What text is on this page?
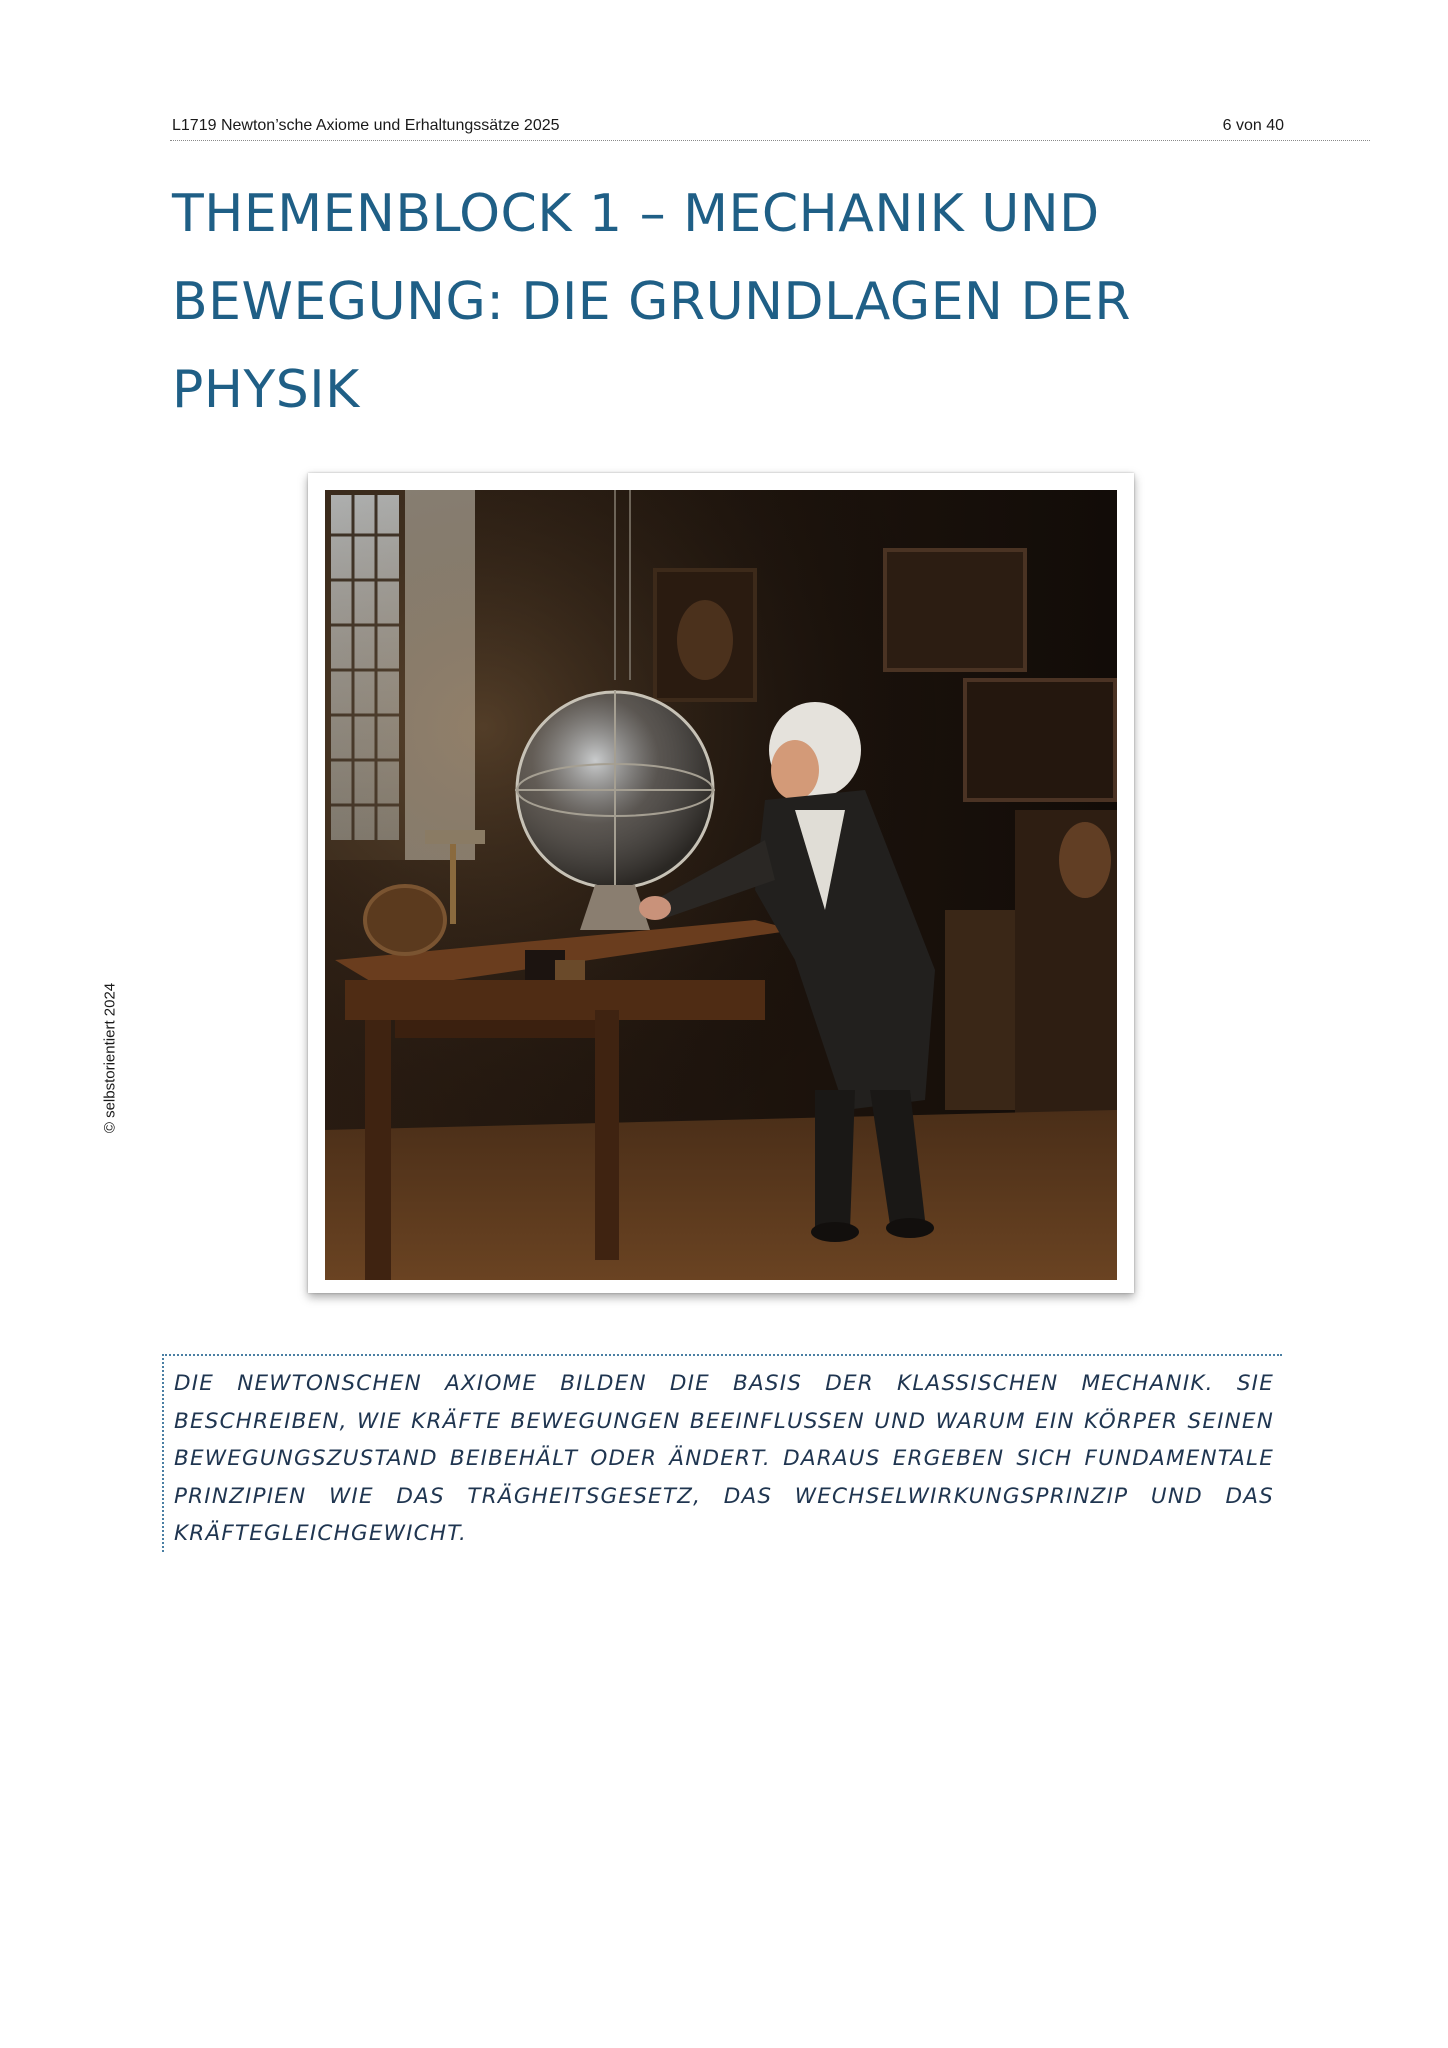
L1719 Newton’sche Axiome und Erhaltungssätze 2025	6 von 40
THEMENBLOCK 1 – MECHANIK UND BEWEGUNG: DIE GRUNDLAGEN DER PHYSIK
© selbstorientiert 2024

DIE NEWTONSCHEN AXIOME BILDEN DIE BASIS DER KLASSISCHEN MECHANIK. SIE BESCHREIBEN, WIE KRÄFTE BEWEGUNGEN BEEINFLUSSEN UND WARUM EIN KÖRPER SEINEN BEWEGUNGSZUSTAND BEIBEHÄLT ODER ÄNDERT. DARAUS ERGEBEN SICH FUNDAMENTALE PRINZIPIEN WIE DAS TRÄGHEITSGESETZ, DAS WECHSELWIRKUNGSPRINZIP UND DAS KRÄFTEGLEICHGEWICHT.
